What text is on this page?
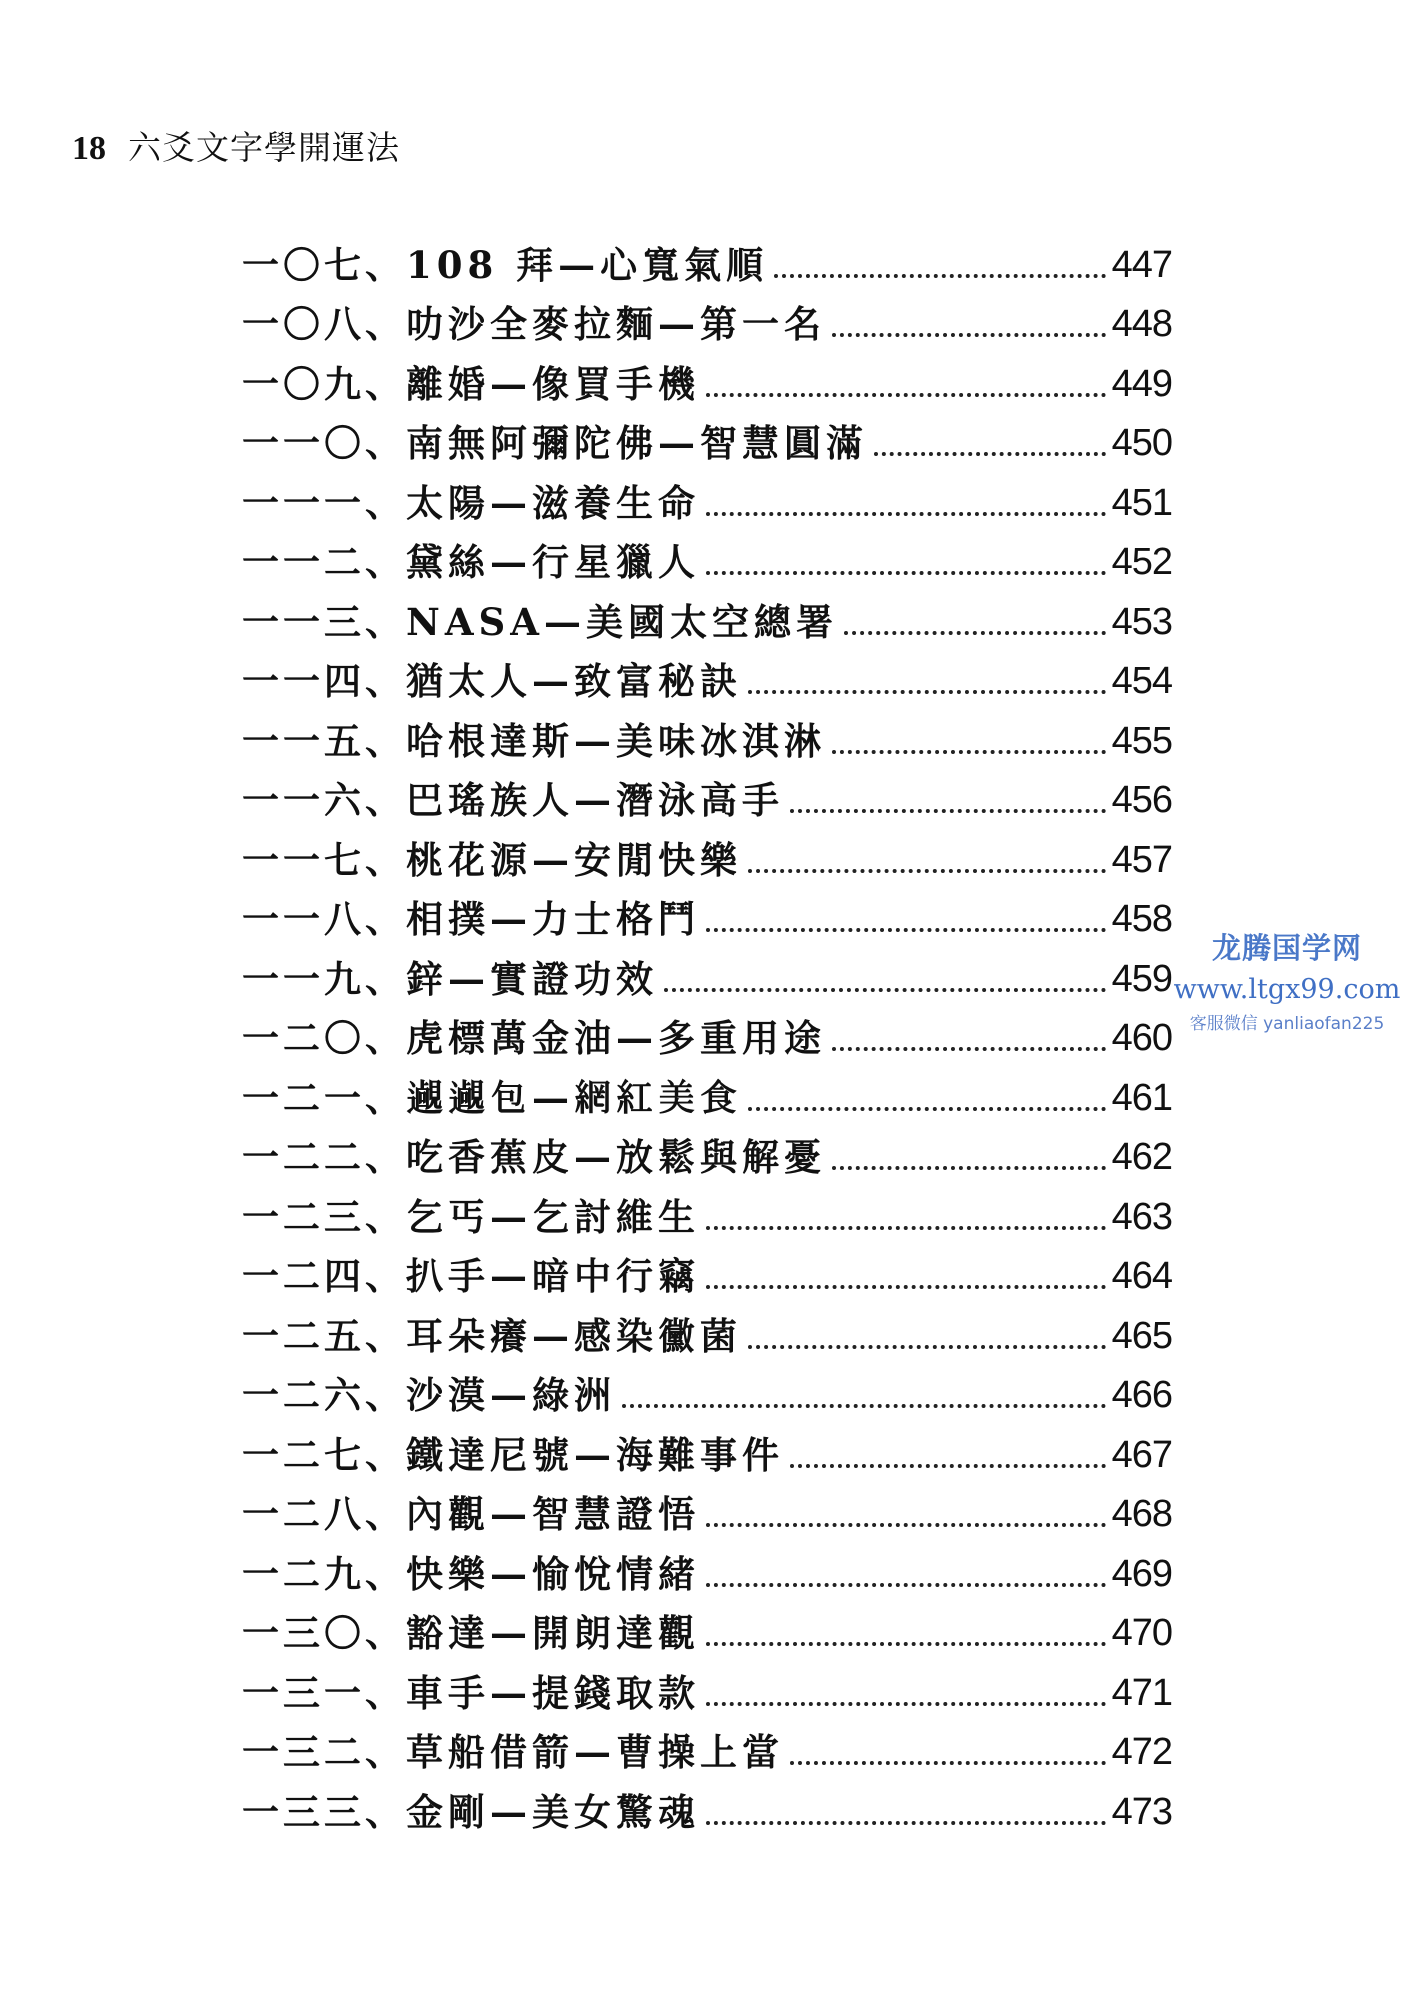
18 六爻文字學開運法
一〇七、 108 拜—心寬氣順	447
一〇八、 叻沙全麥拉麵—第一名	448
一〇九、 離婚—像買手機	449
一一〇、 南無阿彌陀佛—智慧圓滿	450
一一一、 太陽—滋養生命	451
一一二、 黛絲—行星獵人	452
一一三、 NASA—美國太空總署	453
一一四、 猶太人—致富秘訣	454
一一五、 哈根達斯—美味冰淇淋	455
一一六、 巴瑤族人—潛泳高手	456
一一七、 桃花源—安閒快樂	457
一一八、 相撲—力士格鬥	458
一一九、 鋅—實證功效	459
一二〇、 虎標萬金油—多重用途	460
一二一、 𨘵𨘵包—網紅美食	461
一二二、 吃香蕉皮—放鬆與解憂	462
一二三、 乞丐—乞討維生	463
一二四、 扒手—暗中行竊	464
一二五、 耳朵癢—感染黴菌	465
一二六、 沙漠—綠洲	466
一二七、 鐵達尼號—海難事件	467
一二八、 內觀—智慧證悟	468
一二九、 快樂—愉悅情緒	469
一三〇、 豁達—開朗達觀	470
一三一、 車手—提錢取款	471
一三二、 草船借箭—曹操上當	472
一三三、 金剛—美女驚魂	473
龙腾国学网
www.ltgx99.com
客服微信 yanliaofan225
